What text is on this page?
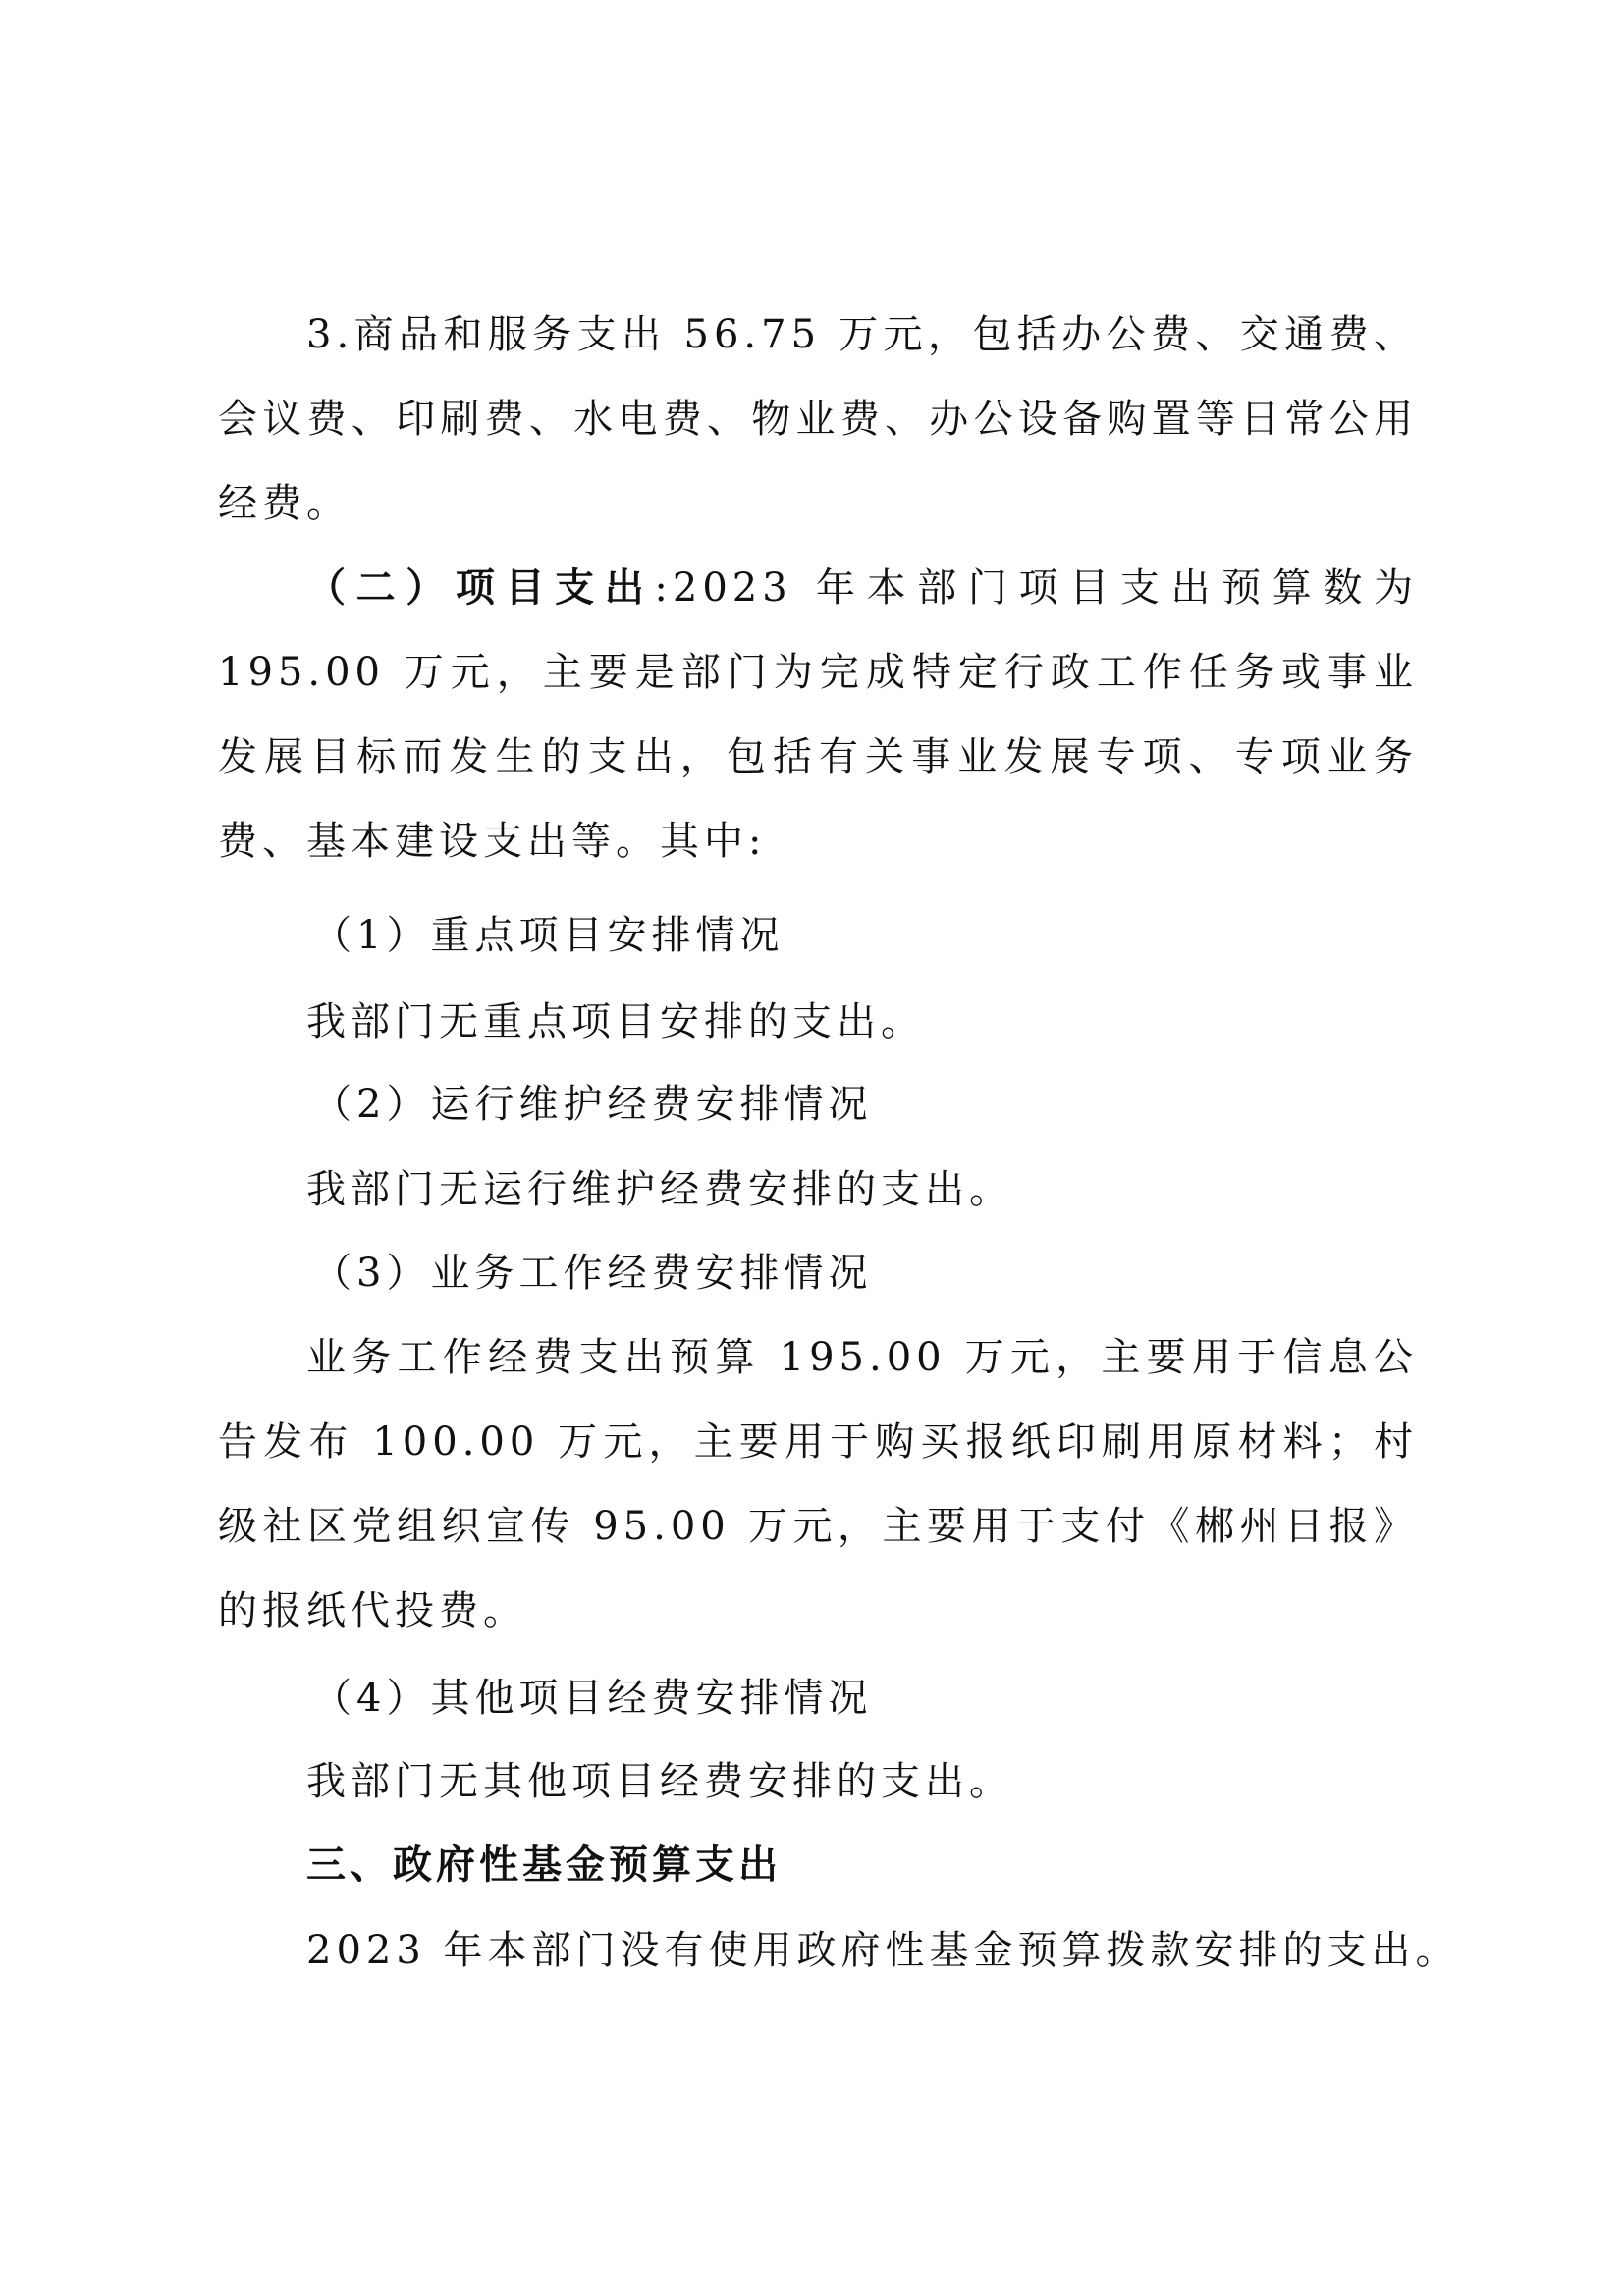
3.商品和服务支出 56.75 万元，包括办公费、交通费、会议费、印刷费、水电费、物业费、办公设备购置等日常公用经费。

（二）项目支出:2023 年本部门项目支出预算数为 195.00 万元，主要是部门为完成特定行政工作任务或事业发展目标而发生的支出，包括有关事业发展专项、专项业务费、基本建设支出等。其中:

（1）重点项目安排情况

我部门无重点项目安排的支出。

（2）运行维护经费安排情况

我部门无运行维护经费安排的支出。

（3）业务工作经费安排情况

业务工作经费支出预算 195.00 万元，主要用于信息公告发布 100.00 万元，主要用于购买报纸印刷用原材料；村级社区党组织宣传 95.00 万元，主要用于支付《郴州日报》的报纸代投费。

（4）其他项目经费安排情况

我部门无其他项目经费安排的支出。

三、政府性基金预算支出

2023 年本部门没有使用政府性基金预算拨款安排的支出。
